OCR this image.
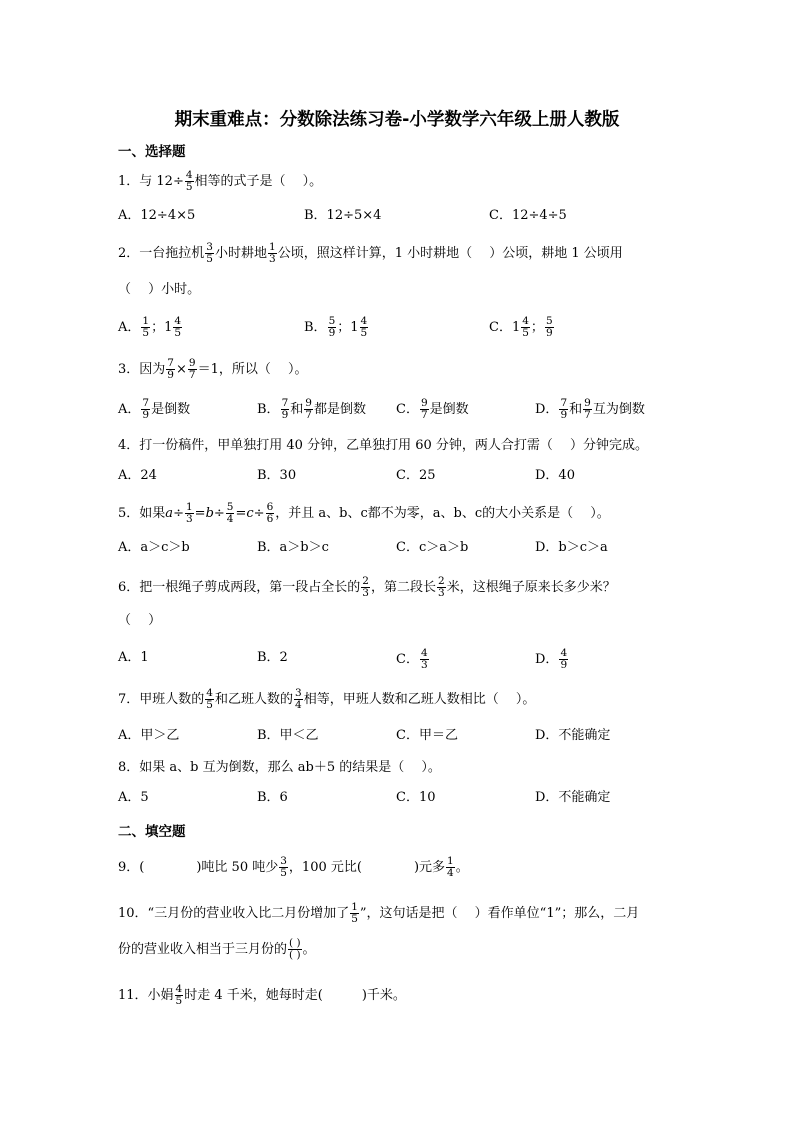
期末重难点：分数除法练习卷-小学数学六年级上册人教版
一、选择题
1．与 $12\div \frac{4}{5}$ 相等的式子是（　 ）。
A．12÷4×5	B．12÷5×4	C．12÷4÷5
2．一台拖拉机 $\frac{3}{5}$ 小时耕地 $\frac{1}{3}$ 公顷，照这样计算，1 小时耕地（　 ）公顷，耕地 1 公顷用
（　 ）小时。
A． $\frac{1}{5}$ ； 1 4
5	B． $\frac{5}{9}$ ； 1 4
5	C． 1 4
5 ； $\frac{5}{9}$
3．因为 $\frac{7}{9} \times \frac{9}{7} =1$，所以（　 ）。
A． $\frac{7}{9}$ 是倒数	B． $\frac{7}{9}$ 和 $\frac{9}{7}$ 都是倒数 C． $\frac{9}{7}$ 是倒数	D． $\frac{7}{9}$ 和 $\frac{9}{7}$ 互为倒数
4．打一份稿件，甲单独打用 40 分钟，乙单独打用 60 分钟，两人合打需（　 ）分钟完成。
A．24	B．30	C．25	D．40
5．如果$a\div \frac{1}{3} =b\div \frac{5}{4} =c\div \frac{6}{6}$ ，并且 a、b、c都不为零，a、b、c的大小关系是（　 ）。
A．a＞c＞b	B．a＞b＞c	C．c＞a＞b	D．b＞c＞a
6．把一根绳子剪成两段，第一段占全长的 $\frac{2}{3}$ ，第二段长 $\frac{2}{3}$ 米，这根绳子原来长多少米？
（　 ）
A．1	B．2	C． $\frac{4}{3}$	D． $\frac{4}{9}$
7．甲班人数的 $\frac{4}{5}$ 和乙班人数的 $\frac{3}{4}$ 相等，甲班人数和乙班人数相比（　 ）。
A．甲＞乙	B．甲＜乙	C．甲＝乙	D．不能确定
8．如果 a、b 互为倒数，那么 ab＋5 的结果是（　 ）。
A．5	B．6	C．10	D．不能确定
二、填空题
9．(　　　　)吨比 50 吨少 $\frac{3}{5}$ ，100 元比(　　　　)元多 $\frac{1}{4}$ 。
10．“三月份的营业收入比二月份增加了 $\frac{1}{5}$ ”，这句话是把（　 ）看作单位“1”；那么，二月
份的营业收入相当于三月份的 ( )
( ) 。
11．小娟 $\frac{4}{5}$ 时走 4 千米，她每时走(　　　)千米。
